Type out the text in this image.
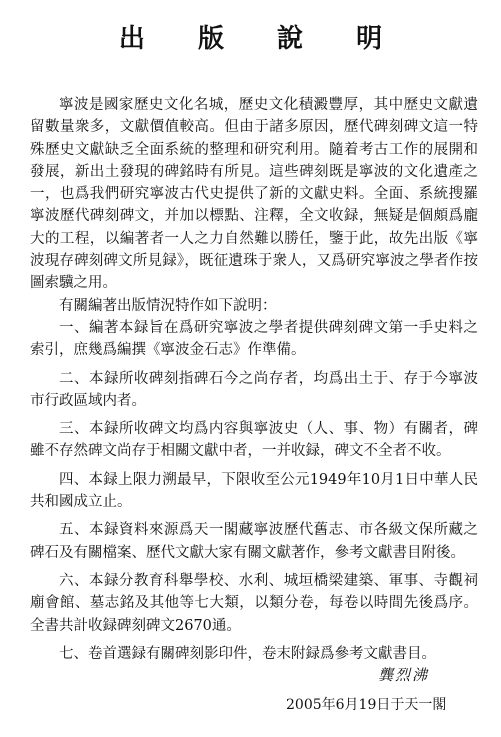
出 版 說 明

寧波是國家歷史文化名城，歷史文化積澱豐厚，其中歷史文獻遺留數量衆多，文獻價值較高。但由于諸多原因，歷代碑刻碑文這一特殊歷史文獻缺乏全面系統的整理和研究利用。隨着考古工作的展開和發展，新出土發現的碑銘時有所見。這些碑刻既是寧波的文化遺產之一，也爲我們研究寧波古代史提供了新的文獻史料。全面、系統搜羅寧波歷代碑刻碑文，并加以標點、注釋，全文收録，無疑是個頗爲龐大的工程，以編著者一人之力自然難以勝任，鑒于此，故先出版《寧波現存碑刻碑文所見録》，既征遺珠于衆人，又爲研究寧波之學者作按圖索驥之用。

有關編著出版情況特作如下說明：

一、編著本録旨在爲研究寧波之學者提供碑刻碑文第一手史料之索引，庶幾爲編撰《寧波金石志》作準備。

二、本録所收碑刻指碑石今之尚存者，均爲出土于、存于今寧波市行政區域内者。

三、本録所收碑文均爲内容與寧波史（人、事、物）有關者，碑雖不存然碑文尚存于相關文獻中者，一并收録，碑文不全者不收。

四、本録上限力溯最早，下限收至公元1949年10月1日中華人民共和國成立止。

五、本録資料來源爲天一閣藏寧波歷代舊志、市各級文保所藏之碑石及有關檔案、歷代文獻大家有關文獻著作，參考文獻書目附後。

六、本録分教育科舉學校、水利、城垣橋梁建築、軍事、寺觀祠廟會館、墓志銘及其他等七大類，以類分卷，每卷以時間先後爲序。全書共計收録碑刻碑文2670通。

七、卷首選録有關碑刻影印件，卷末附録爲參考文獻書目。

龔烈沸
2005年6月19日于天一閣
